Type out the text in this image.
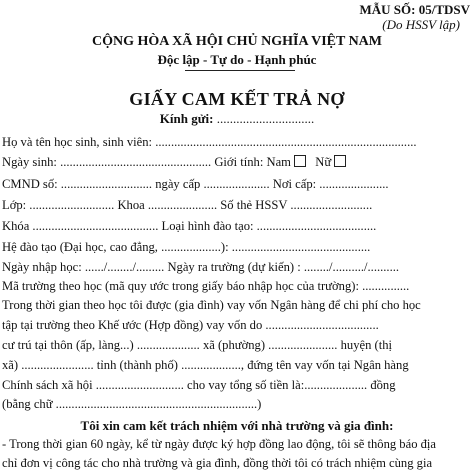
MẪU SỐ: 05/TDSV
(Do HSSV lập)
CỘNG HÒA XÃ HỘI CHỦ NGHĨA VIỆT NAM
Độc lập - Tự do - Hạnh phúc
GIẤY CAM KẾT TRẢ NỢ
Kính gửi: ..............................
Họ và tên học sinh, sinh viên: ...................................................................................
Ngày sinh: ................................................ Giới tính: Nam Nữ
CMND số: ............................. ngày cấp ..................... Nơi cấp: ......................
Lớp: ........................... Khoa ...................... Số thẻ HSSV ..........................
Khóa ........................................ Loại hình đào tạo: ......................................
Hệ đào tạo (Đại học, cao đẳng, ...................): ............................................
Ngày nhập học: ....../......../......... Ngày ra trường (dự kiến) : ......../........../..........
Mã trường theo học (mã quy ước trong giấy báo nhập học của trường): ...............
Trong thời gian theo học tôi được (gia đình) vay vốn Ngân hàng để chi phí cho học
tập tại trường theo Khế ước (Hợp đồng) vay vốn do ....................................
cư trú tại thôn (ấp, làng...) .................... xã (phường) ...................... huyện (thị
xã) ....................... tỉnh (thành phố) ..................., đứng tên vay vốn tại Ngân hàng
Chính sách xã hội ............................ cho vay tổng số tiền là:.................... đồng
(bằng chữ ................................................................)
Tôi xin cam kết trách nhiệm với nhà trường và gia đình:
- Trong thời gian 60 ngày, kể từ ngày được ký hợp đồng lao động, tôi sẽ thông báo địa
chỉ đơn vị công tác cho nhà trường và gia đình, đồng thời tôi có trách nhiệm cùng gia
